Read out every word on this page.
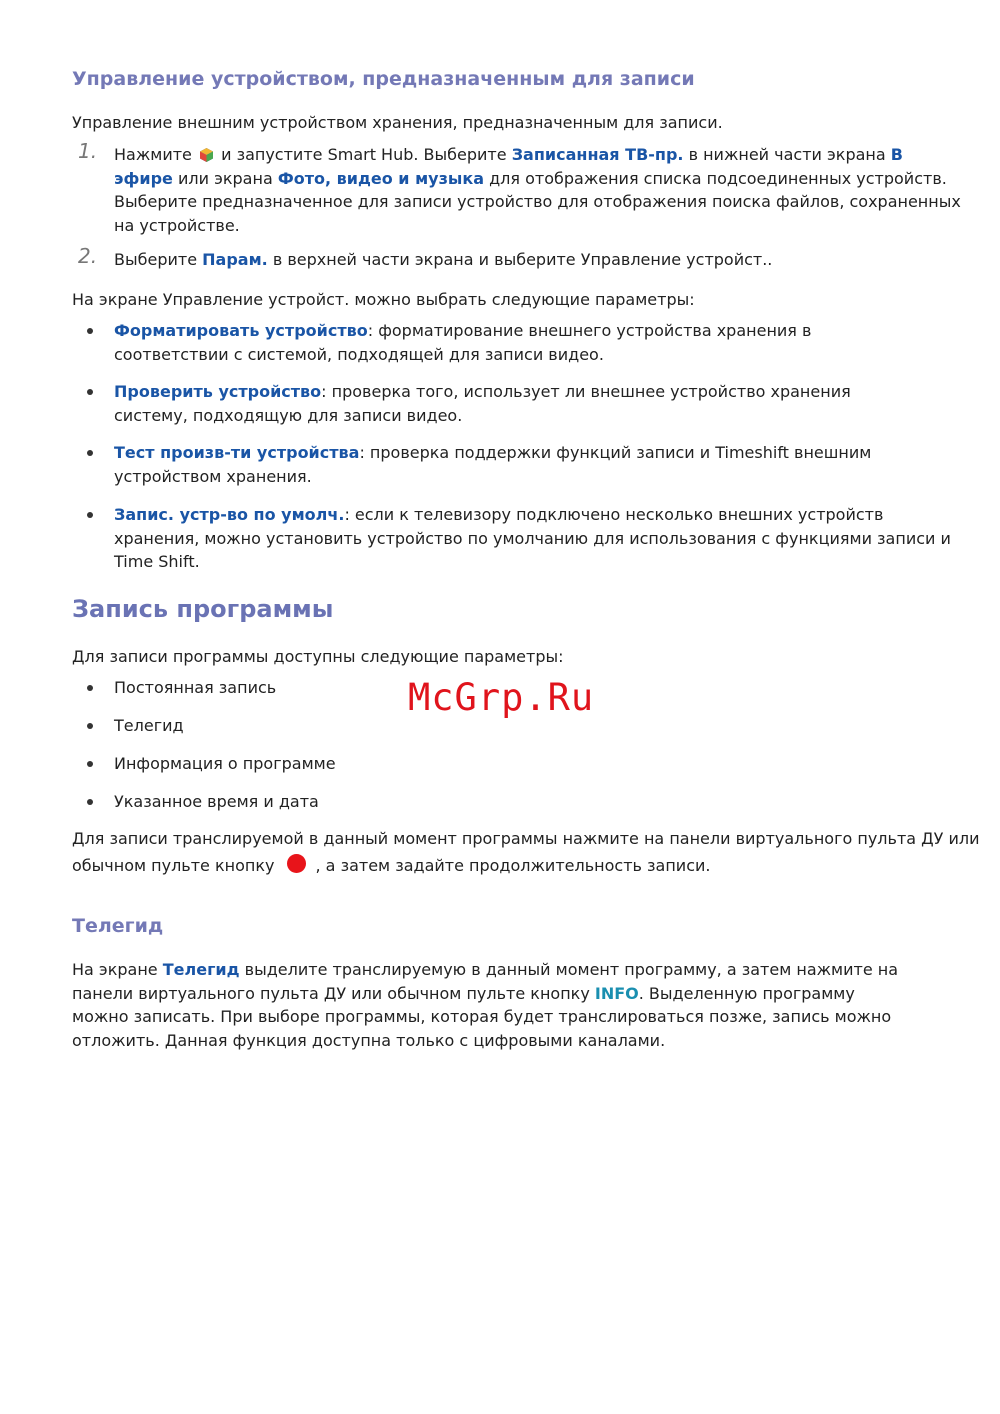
Управление устройством, предназначенным для записи

Управление внешним устройством хранения, предназначенным для записи.

1. Нажмите и запустите Smart Hub. Выберите Записанная ТВ-пр. в нижней части экрана В эфире или экрана Фото, видео и музыка для отображения списка подсоединенных устройств. Выберите предназначенное для записи устройство для отображения поиска файлов, сохраненных на устройстве.

2. Выберите Парам. в верхней части экрана и выберите Управление устройст..

На экране Управление устройст. можно выбрать следующие параметры:

Форматировать устройство: форматирование внешнего устройства хранения в соответствии с системой, подходящей для записи видео.

Проверить устройство: проверка того, использует ли внешнее устройство хранения систему, подходящую для записи видео.

Тест произв-ти устройства: проверка поддержки функций записи и Timeshift внешним устройством хранения.

Запис. устр-во по умолч.: если к телевизору подключено несколько внешних устройств хранения, можно установить устройство по умолчанию для использования с функциями записи и Time Shift.

Запись программы

Для записи программы доступны следующие параметры:

Постоянная запись

Телегид

Информация о программе

Указанное время и дата

Для записи транслируемой в данный момент программы нажмите на панели виртуального пульта ДУ или

обычном пульте кнопку	, а затем задайте продолжительность записи.

Телегид

На экране Телегид выделите транслируемую в данный момент программу, а затем нажмите на панели виртуального пульта ДУ или обычном пульте кнопку INFO. Выделенную программу можно записать. При выборе программы, которая будет транслироваться позже, запись можно отложить. Данная функция доступна только с цифровыми каналами.

McGrp.Ru
